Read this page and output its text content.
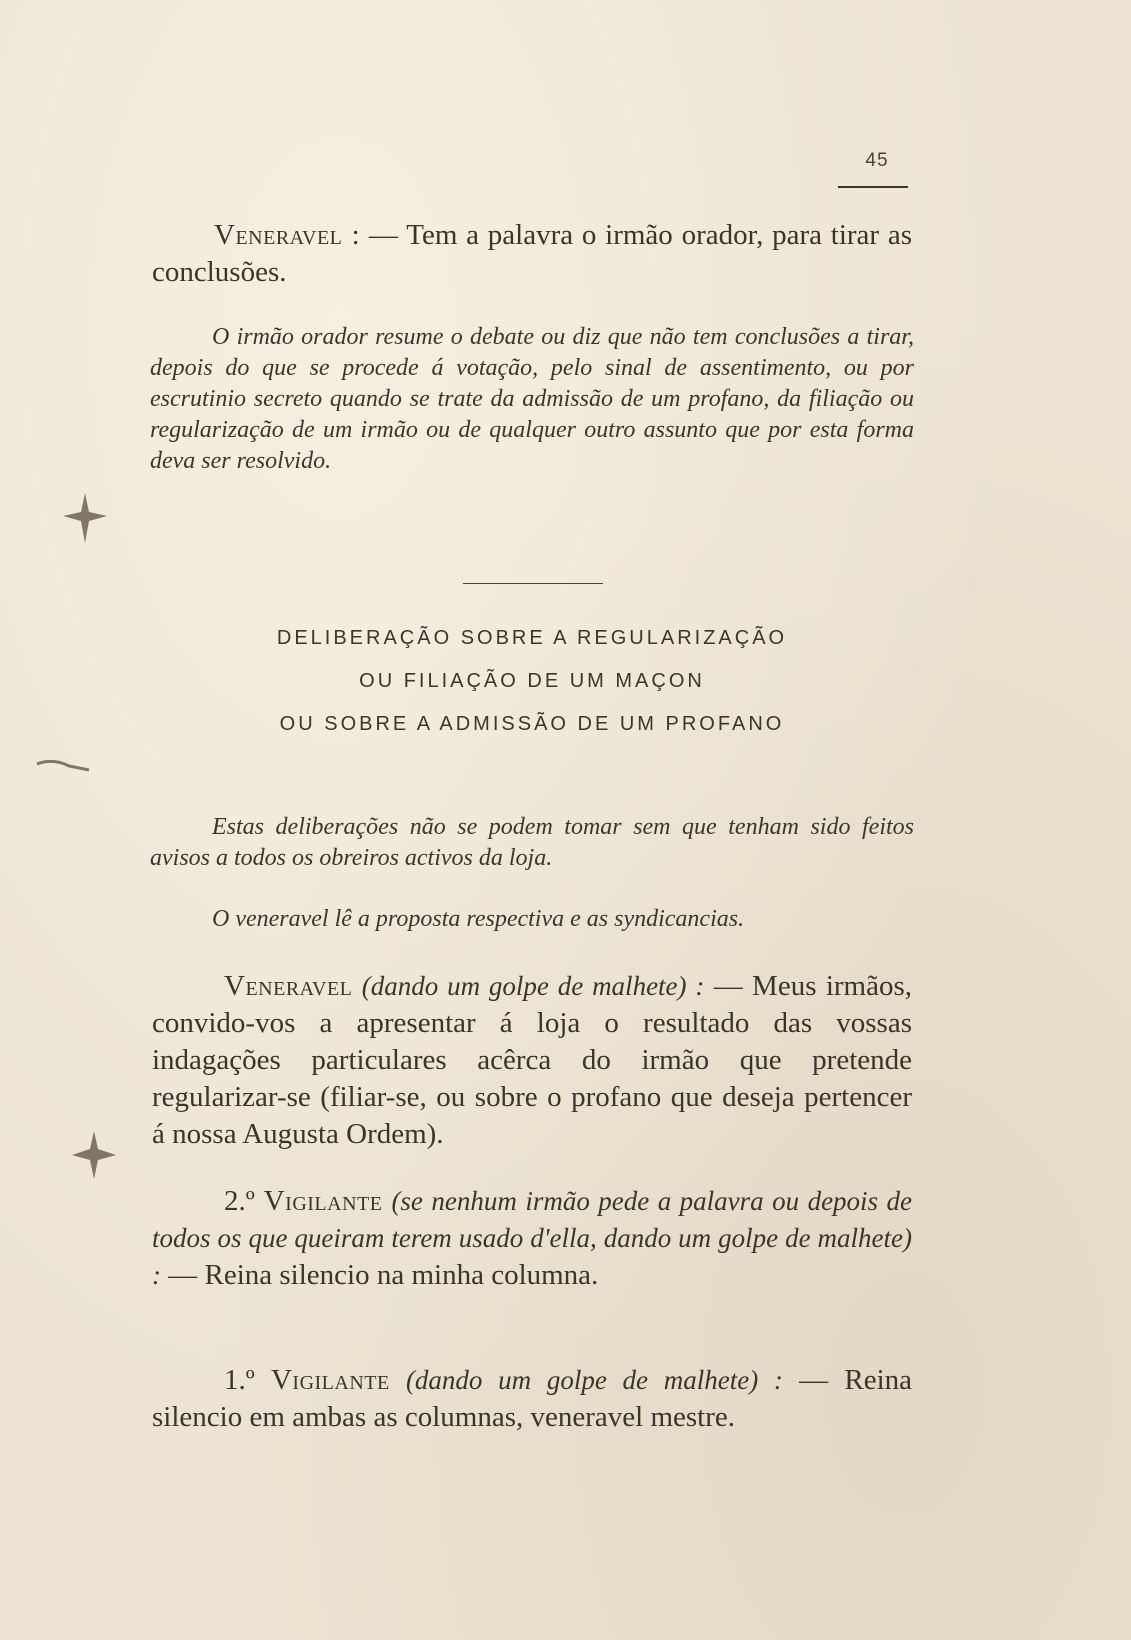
45

Veneravel : — Tem a palavra o irmão orador, para tirar as conclusões.

O irmão orador resume o debate ou diz que não tem conclusões a tirar, depois do que se procede á votação, pelo sinal de assentimento, ou por escrutinio secreto quando se trate da admissão de um profano, da filiação ou regularização de um irmão ou de qualquer outro assunto que por esta forma deva ser resolvido.

DELIBERAÇÃO SOBRE A REGULARIZAÇÃO
OU FILIAÇÃO DE UM MAÇON
OU SOBRE A ADMISSÃO DE UM PROFANO

Estas deliberações não se podem tomar sem que tenham sido feitos avisos a todos os obreiros activos da loja.

O veneravel lê a proposta respectiva e as syndicancias.

Veneravel (dando um golpe de malhete) : — Meus irmãos, convido-vos a apresentar á loja o resultado das vossas indagações particulares acêrca do irmão que pretende regularizar-se (filiar-se, ou sobre o profano que deseja pertencer á nossa Augusta Ordem).

2.º Vigilante (se nenhum irmão pede a palavra ou depois de todos os que queiram terem usado d'ella, dando um golpe de malhete) : — Reina silencio na minha columna.

1.º Vigilante (dando um golpe de malhete) : — Reina silencio em ambas as columnas, veneravel mestre.
